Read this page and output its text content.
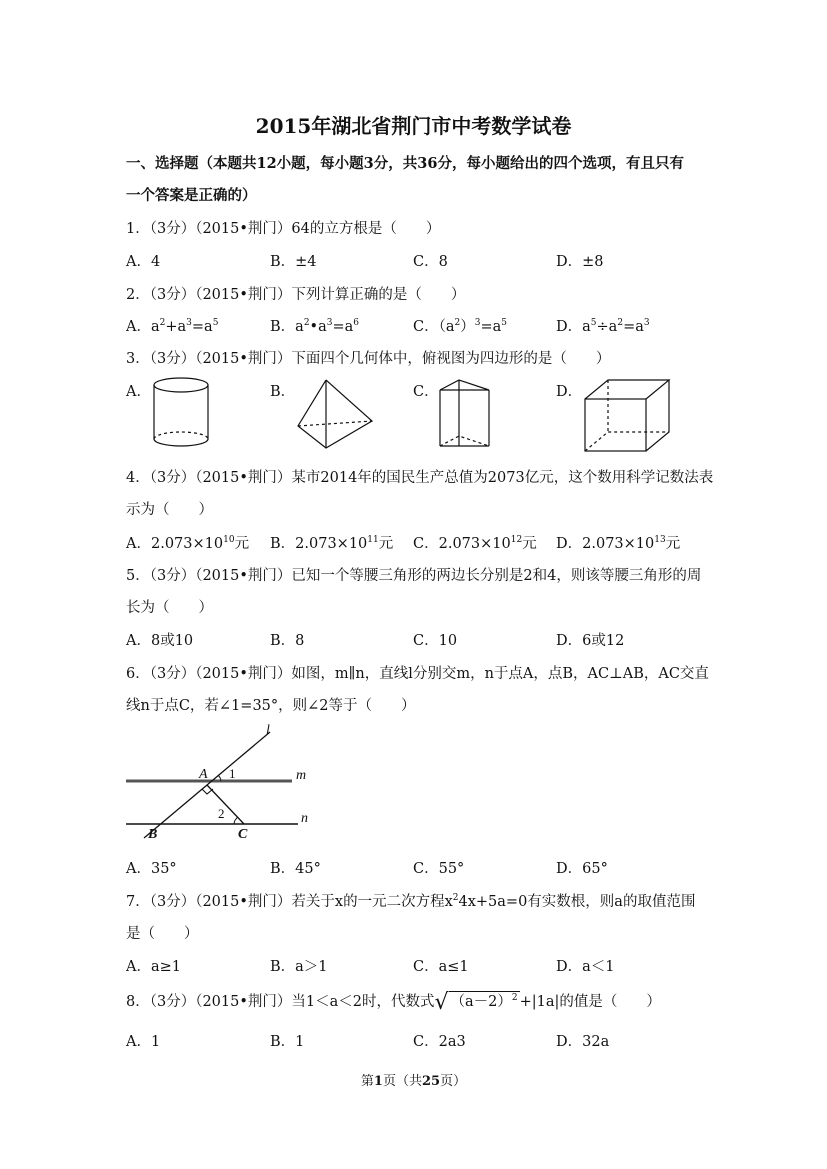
2015年湖北省荆门市中考数学试卷
一、选择题（本题共12小题，每小题3分，共36分，每小题给出的四个选项，有且只有
一个答案是正确的）
1．（3分）（2015•荆门）64的立方根是（　　）
A．4	B．±4	C．8	D．±8
2．（3分）（2015•荆门）下列计算正确的是（　　）
A．$a^2+a^3=a^5$	B．$a^2•a^3=a^6$	C．$(a^2)^3=a^5$	D．$a^5\div a^2=a^3$
3．（3分）（2015•荆门）下面四个几何体中，俯视图为四边形的是（　　）
A．	B．	C．	D．
4．（3分）（2015•荆门）某市2014年的国民生产总值为2073亿元，这个数用科学记数法表
示为（　　）
A．$2.073\times 10^{10}$元 B．$2.073\times 10^{11}$元 C．$2.073\times 10^{12}$元 D．$2.073\times 10^{13}$元
5．（3分）（2015•荆门）已知一个等腰三角形的两边长分别是2和4，则该等腰三角形的周
长为（　　）
A．8或10	B．8	C．10	D．6或12
6．（3分）（2015•荆门）如图，m∥n，直线l分别交m，n于点A，点B，AC⊥AB，AC交直
线n于点C，若∠1=35°，则∠2等于（　　）
l
m
n
A
B	C
1
2
A．35°	B．45°	C．55°	D．65°
7．（3分）（2015•荆门）若关于x的一元二次方程$x^24x+5a=0$有实数根，则a的取值范围
是（　　）
A．a≥1	B．a＞1	C．a≤1	D．a＜1
8．（3分）（2015•荆门）当1＜a＜2时，代数式√ $(a-2)^2 +|1a|$的值是（　　）
A．1	B．1	C．2a3	D．32a
第1页（共25页）
